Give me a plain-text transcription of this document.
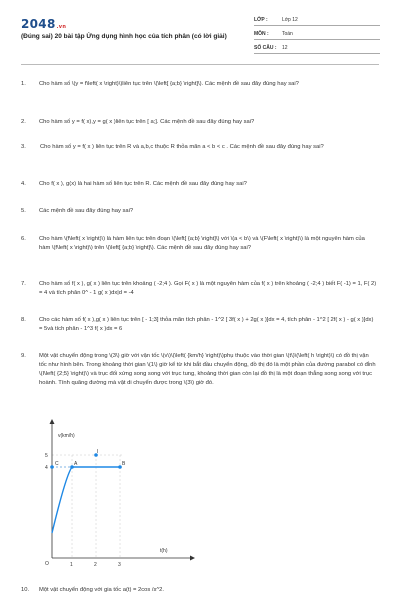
2048.vn
(Đúng sai) 20 bài tập Ứng dụng hình học của tích phân (có lời giải)
LỚP :	Lớp 12
MÔN :	Toán
SỐ CÂU : 12
1.	Cho hàm số \(y = f\left( x \right)\)liên tục trên \(\left[ {a;b} \right]\). Các mệnh đề sau đây đúng hay sai?
2.	Cho hàm số y = f( x),y = g( x )liên tục trên [ a;]. Các mệnh đề sau đây đúng hay sai?
3.	Cho hàm số y = f( x ) liên tục trên R và a,b,c thuộc R thỏa mãn a < b < c . Các mệnh đề sau đây đúng hay sai?
4.	Cho f( x ), g(x) là hai hàm số liên tục trên R. Các mệnh đề sau đây đúng hay sai?
5.	Các mệnh đề sau đây đúng hay sai?
6.	Cho hàm \(f\left( x \right)\) là hàm liên tục trên đoạn \(\left[ {a;b} \right]\) với \(a < b\) và \(F\left( x \right)\) là một nguyên hàm của hàm \(f\left( x \right)\) trên \(\left[ {a;b} \right]\). Các mệnh đề sau đây đúng hay sai?
7.	Cho hàm số f( x ), g( x ) liên tục trên khoảng ( -2;4 ). Gọi F( x ) là một nguyên hàm của f( x ) trên khoảng ( -2;4 ) biết F( -1) = 1, F( 2) = 4 và tích phân 0^ - 1 g( x )dx|d = -4
8.	Cho các hàm số f( x ),g( x ) liên tục trên [ - 1;3] thỏa mãn tích phân - 1^2 [ 3f( x ) + 2g( x )]dx = 4, tích phân - 1^2 [ 2f( x ) - g( x )]dx) = 5và tích phân - 1^3 f( x )dx = 6
9.	Một vật chuyển động trong \(3\) giờ với vận tốc \(v\)\(\left( {km/h} \right)\)phụ thuộc vào thời gian \(t\)\(\left( h \right)\) có đồ thị vận tốc như hình bên. Trong khoảng thời gian \(1\) giờ kể từ khi bắt đầu chuyển động, đồ thị đó là một phần của đường parabol có đỉnh \(I\left( {2;5} \right)\) và trục đối xứng song song với trục tung, khoảng thời gian còn lại đồ thị là một đoạn thẳng song song với trục hoành. Tính quãng đường mà vật di chuyển được trong \(3\) giờ đó.
v(km/h)
t(h)
5
4
O	1	2	3
C	A
I
B
10.	Một vật chuyển động với gia tốc a(t) = 2cos /s^2.
